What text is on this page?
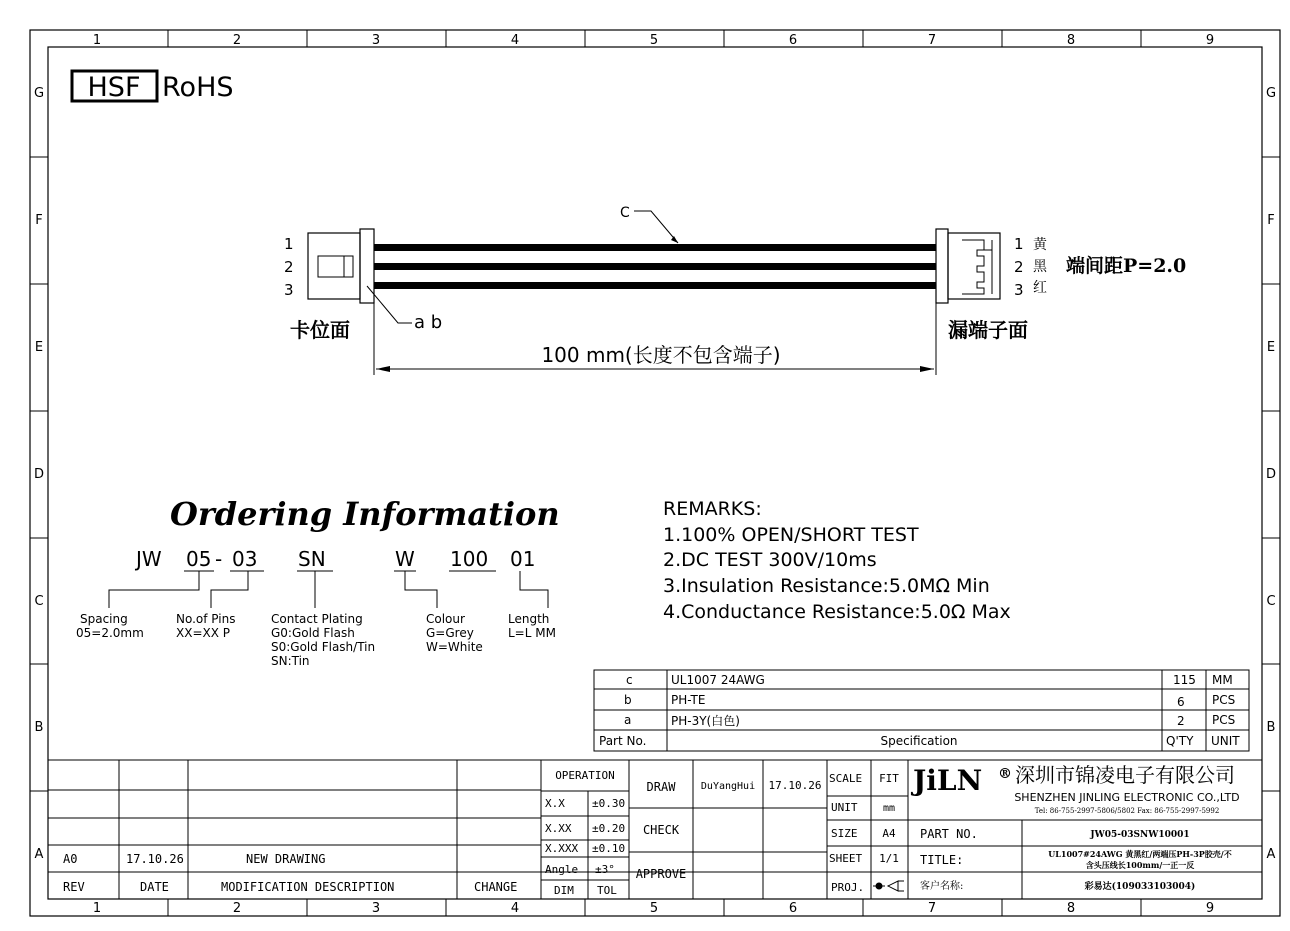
1	2	3	4	5	6	7	8	9
1	2	3	4	5	6	7	8	9
G
F
E
D
C
B
A
G
F
E
D
C
B
A
HSF RoHS
1
2
3
1
2
3
黄
黑
红
端间距P=2.0
C
a b
卡位面	漏端子面
100 mm(长度不包含端子)
Ordering Information
JW 05 - 03 SN	W 100 01
Spacing
05=2.0mm
No.of Pins
XX=XX P
Contact Plating
G0:Gold Flash
S0:Gold Flash/Tin
SN:Tin
Colour
G=Grey
W=White
Length
L=L MM
REMARKS:
1.100% OPEN/SHORT TEST
2.DC TEST 300V/10ms
3.Insulation Resistance:5.0MΩ Min
4.Conductance Resistance:5.0Ω Max
c	UL1007 24AWG	115 MM
b	PH-TE	6 PCS
a	PH-3Y(白色)	2 PCS
Part No.	Specification	Q'TY UNIT
A0	17.10.26	NEW DRAWING
REV	DATE	MODIFICATION DESCRIPTION	CHANGE
OPERATION
X.X ±0.30
X.XX ±0.20
X.XXX ±0.10
Angle ±3°
DIM TOL
DRAW
CHECK
APPROVE
DuYangHui 17.10.26
SCALE FIT
UNIT	mm
SIZE A4
SHEET 1/1
PROJ.
JiLN ® 深圳市锦凌电子有限公司
SHENZHEN JINLING ELECTRONIC CO.,LTD
Tel: 86-755-2997-5806/5802 Fax: 86-755-2997-5992
PART NO.	JW05-03SNW10001
TITLE:	UL1007#24AWG 黄黑红/两端压PH-3P胶壳/不
含头压线长100mm/一正一反
客户名称:	彩易达(109033103004)
